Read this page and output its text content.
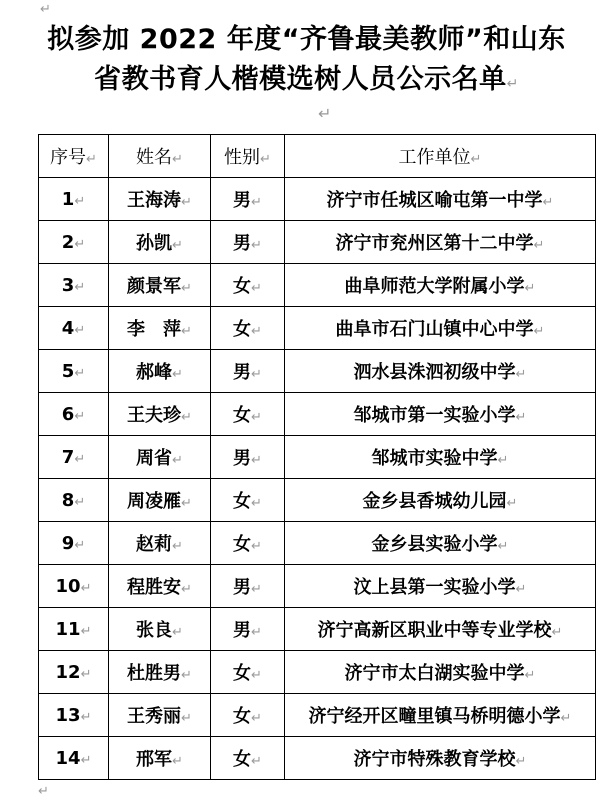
↵
拟参加 2022 年度“齐鲁最美教师”和山东
省教书育人楷模选树人员公示名单↵
↵
序号↵	姓名↵	性别↵	工作单位↵
1↵	王海涛↵	男↵	济宁市任城区喻屯第一中学↵
2↵	孙凯↵	男↵	济宁市兖州区第十二中学↵
3↵	颜景军↵	女↵	曲阜师范大学附属小学↵
4↵	李　萍↵	女↵	曲阜市石门山镇中心中学↵
5↵	郝峰↵	男↵	泗水县洙泗初级中学↵
6↵	王夫珍↵	女↵	邹城市第一实验小学↵
7↵	周省↵	男↵	邹城市实验中学↵
8↵	周凌雁↵	女↵	金乡县香城幼儿园↵
9↵	赵莉↵	女↵	金乡县实验小学↵
10↵	程胜安↵	男↵	汶上县第一实验小学↵
11↵	张良↵	男↵	济宁高新区职业中等专业学校↵
12↵	杜胜男↵	女↵	济宁市太白湖实验中学↵
13↵	王秀丽↵	女↵	济宁经开区疃里镇马桥明德小学↵
14↵	邢军↵	女↵	济宁市特殊教育学校↵
↵
